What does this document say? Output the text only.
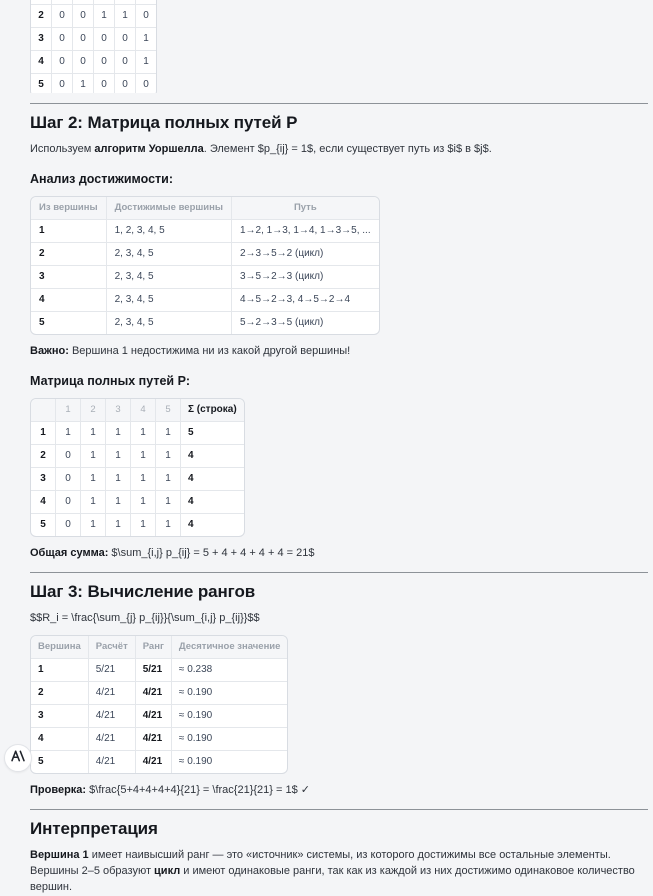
2	0	0	1	1	0
3	0	0	0	0	1
4	0	0	0	0	1
5	0	1	0	0	0
Шаг 2: Матрица полных путей P

Используем алгоритм Уоршелла. Элемент $p_{ij} = 1$, если существует путь из $i$ в $j$.

Анализ достижимости:

Из вершины	Достижимые вершины	Путь
1	1, 2, 3, 4, 5	1→2, 1→3, 1→4, 1→3→5, ...
2	2, 3, 4, 5	2→3→5→2 (цикл)
3	2, 3, 4, 5	3→5→2→3 (цикл)
4	2, 3, 4, 5	4→5→2→3, 4→5→2→4
5	2, 3, 4, 5	5→2→3→5 (цикл)

Важно: Вершина 1 недостижима ни из какой другой вершины!

Матрица полных путей P:

	1	2	3	4	5	Σ (строка)
1	1	1	1	1	1	5
2	0	1	1	1	1	4
3	0	1	1	1	1	4
4	0	1	1	1	1	4
5	0	1	1	1	1	4

Общая сумма: $\sum_{i,j} p_{ij} = 5 + 4 + 4 + 4 + 4 = 21$

Шаг 3: Вычисление рангов

$$R_i = \frac{\sum_{j} p_{ij}}{\sum_{i,j} p_{ij}}$$

Вершина	Расчёт	Ранг	Десятичное значение
1	5/21	5/21	≈ 0.238
2	4/21	4/21	≈ 0.190
3	4/21	4/21	≈ 0.190
4	4/21	4/21	≈ 0.190
5	4/21	4/21	≈ 0.190

Проверка: $\frac{5+4+4+4+4}{21} = \frac{21}{21} = 1$ ✓

Интерпретация

Вершина 1 имеет наивысший ранг — это «источник» системы, из которого достижимы все остальные элементы. Вершины 2–5 образуют цикл и имеют одинаковые ранги, так как из каждой из них достижимо одинаковое количество вершин.
